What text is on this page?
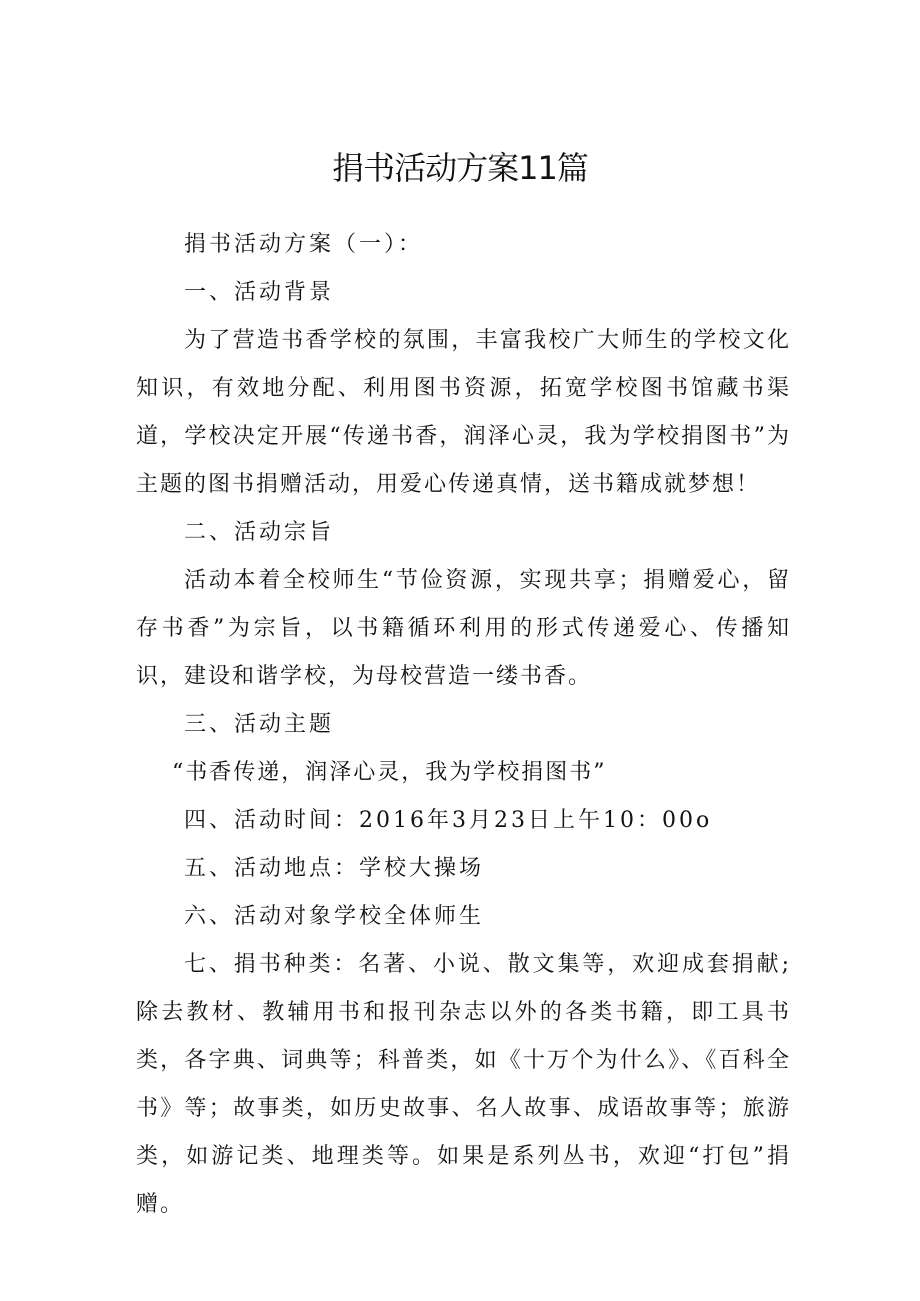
捐书活动方案11篇

捐书活动方案（一）：

一、活动背景

为了营造书香学校的氛围，丰富我校广大师生的学校文化知识，有效地分配、利用图书资源，拓宽学校图书馆藏书渠道，学校决定开展“传递书香，润泽心灵，我为学校捐图书”为主题的图书捐赠活动，用爱心传递真情，送书籍成就梦想！

二、活动宗旨

活动本着全校师生“节俭资源，实现共享；捐赠爱心，留存书香”为宗旨，以书籍循环利用的形式传递爱心、传播知识，建设和谐学校，为母校营造一缕书香。

三、活动主题

“书香传递，润泽心灵，我为学校捐图书”

四、活动时间：2016年3月23日上午10：00o

五、活动地点：学校大操场

六、活动对象学校全体师生

七、捐书种类：名著、小说、散文集等，欢迎成套捐献;除去教材、教辅用书和报刊杂志以外的各类书籍，即工具书类，各字典、词典等；科普类，如《十万个为什么》、《百科全书》等；故事类，如历史故事、名人故事、成语故事等；旅游类，如游记类、地理类等。如果是系列丛书，欢迎“打包”捐赠。
